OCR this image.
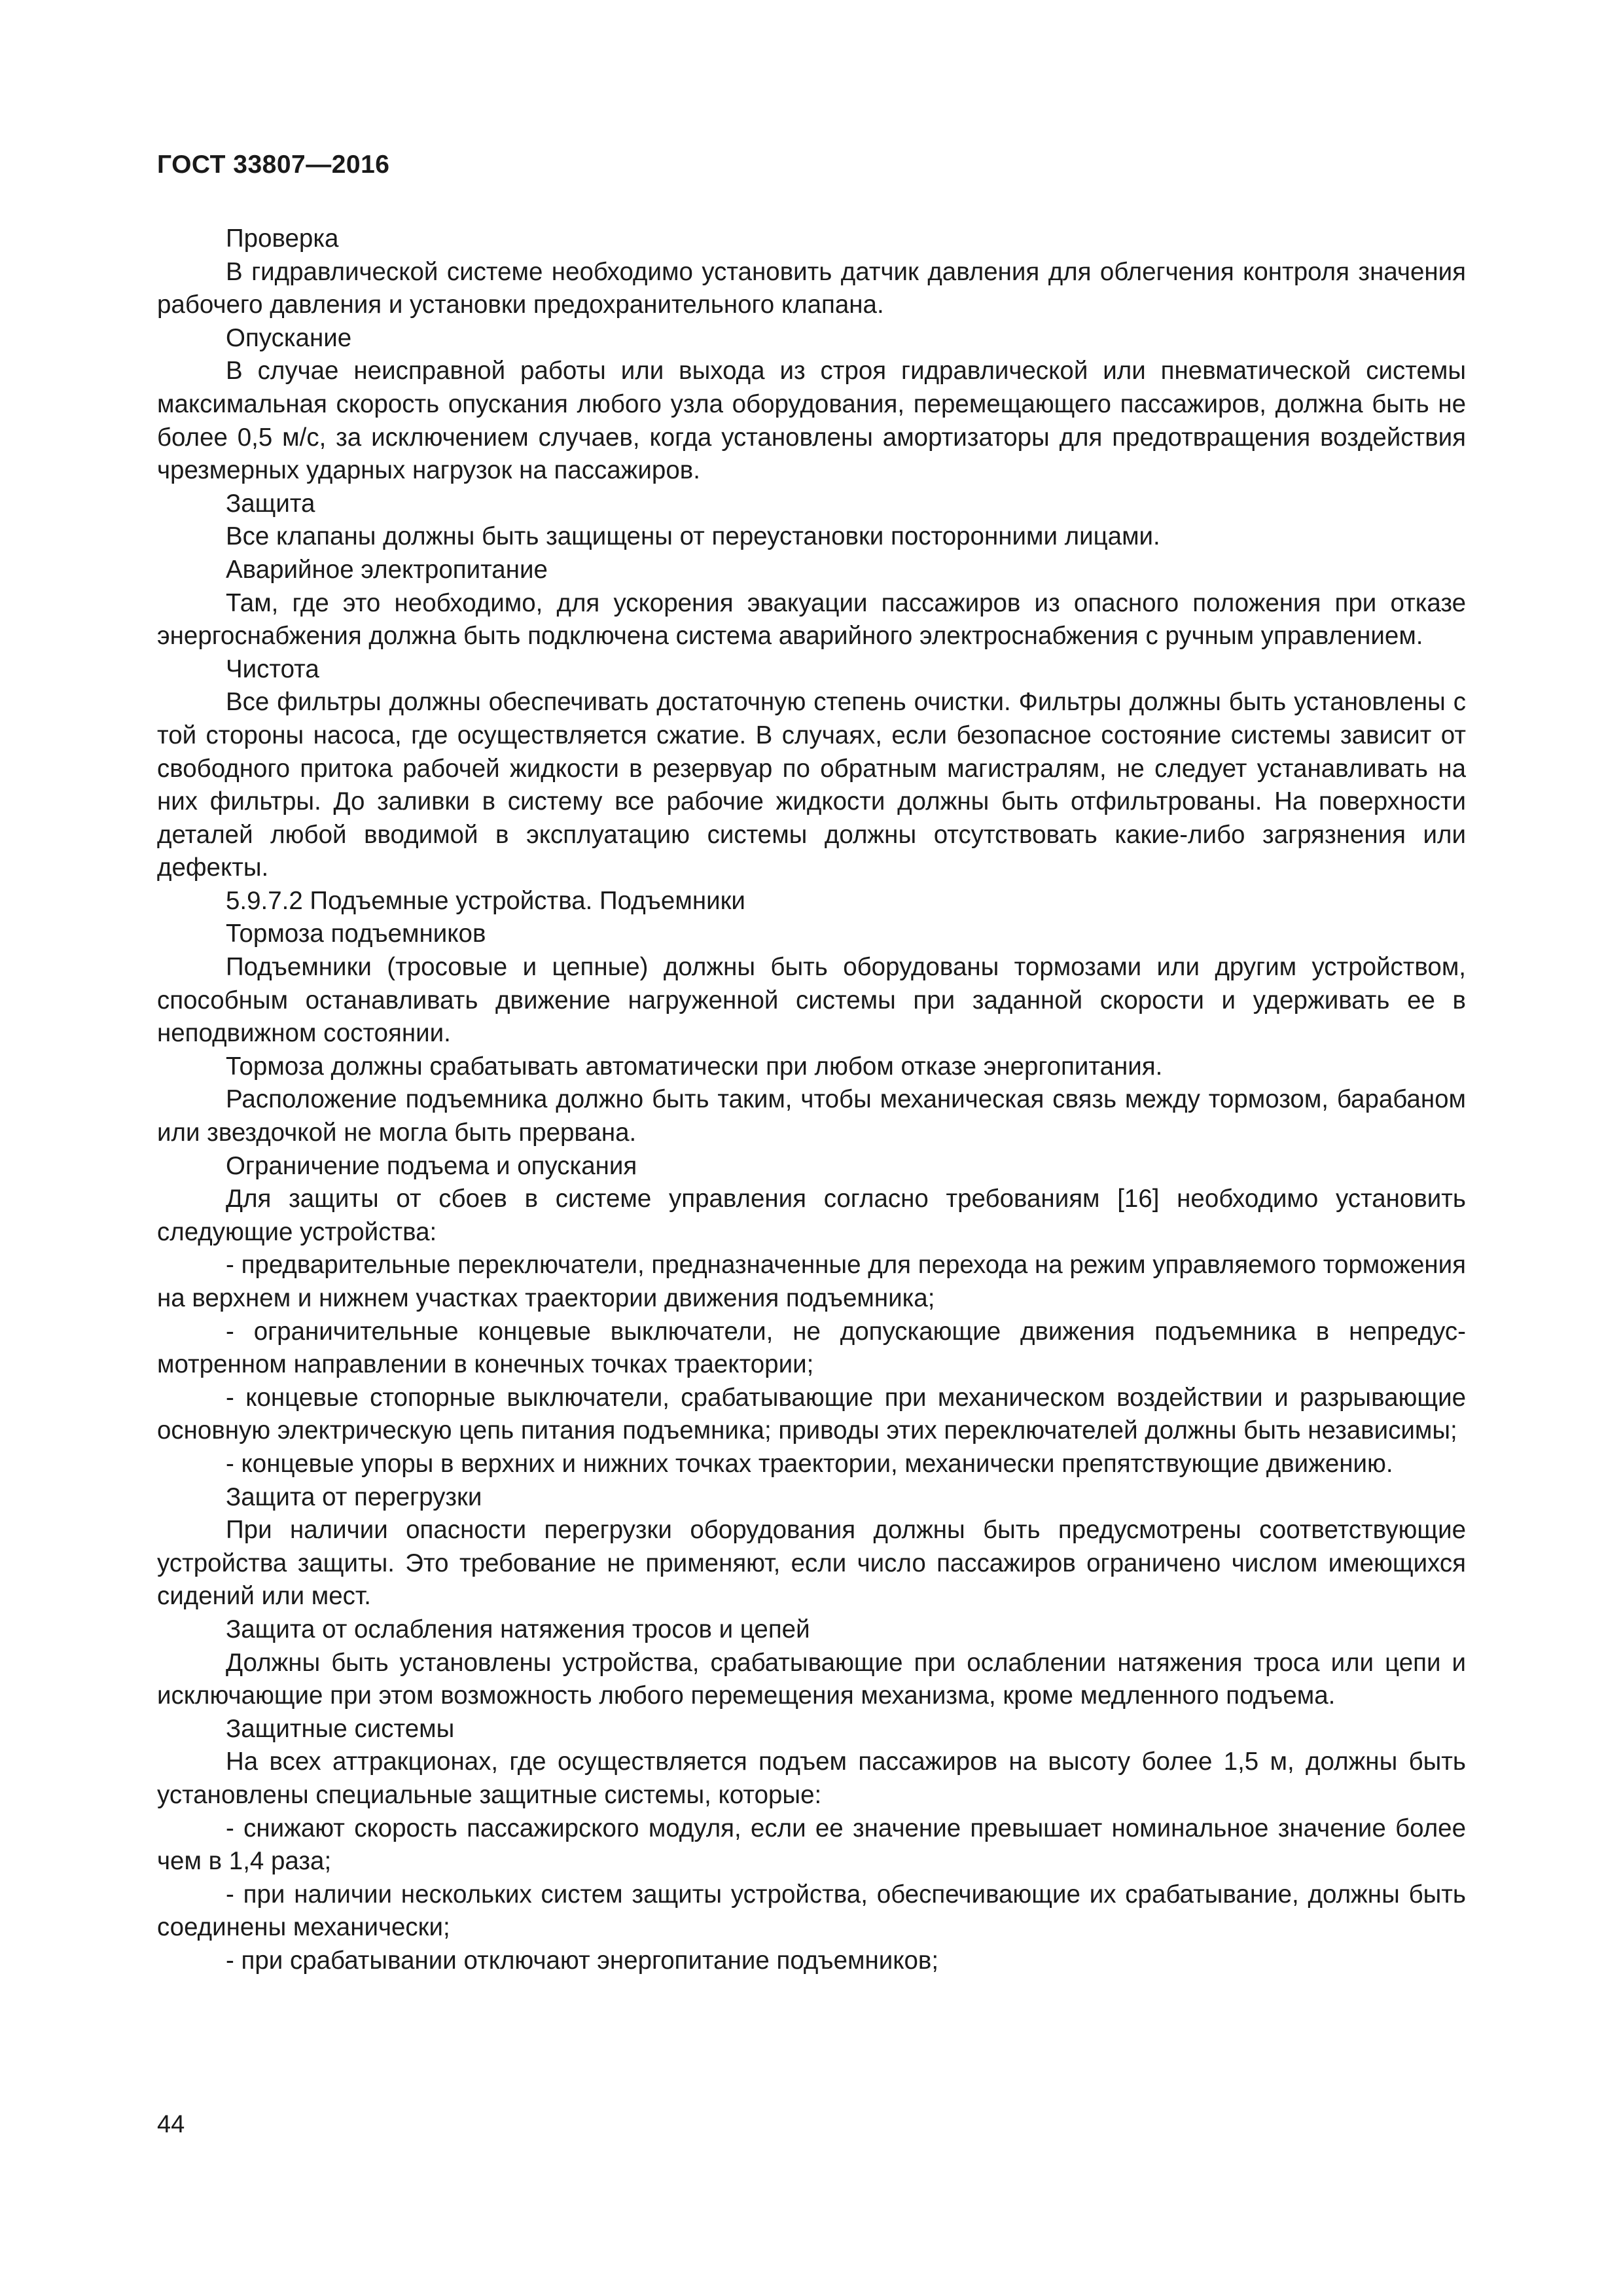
ГОСТ 33807—2016

Проверка

В гидравлической системе необходимо установить датчик давления для облегчения контроля значения рабочего давления и установки предохранительного клапана.

Опускание

В случае неисправной работы или выхода из строя гидравлической или пневматической системы максимальная скорость опускания любого узла оборудования, перемещающего пассажиров, должна быть не более 0,5 м/с, за исключением случаев, когда установлены амортизаторы для предотвращения воздействия чрезмерных ударных нагрузок на пассажиров.

Защита

Все клапаны должны быть защищены от переустановки посторонними лицами.

Аварийное электропитание

Там, где это необходимо, для ускорения эвакуации пассажиров из опасного положения при отказе энергоснабжения должна быть подключена система аварийного электроснабжения с ручным управлением.

Чистота

Все фильтры должны обеспечивать достаточную степень очистки. Фильтры должны быть установлены с той стороны насоса, где осуществляется сжатие. В случаях, если безопасное состояние системы зависит от свободного притока рабочей жидкости в резервуар по обратным магистралям, не следует устанавливать на них фильтры. До заливки в систему все рабочие жидкости должны быть отфильтрованы. На поверхности деталей любой вводимой в эксплуатацию системы должны отсутствовать какие-либо загрязнения или дефекты.

5.9.7.2 Подъемные устройства. Подъемники

Тормоза подъемников

Подъемники (тросовые и цепные) должны быть оборудованы тормозами или другим устройством, способным останавливать движение нагруженной системы при заданной скорости и удерживать ее в неподвижном состоянии.

Тормоза должны срабатывать автоматически при любом отказе энергопитания.

Расположение подъемника должно быть таким, чтобы механическая связь между тормозом, барабаном или звездочкой не могла быть прервана.

Ограничение подъема и опускания

Для защиты от сбоев в системе управления согласно требованиям [16] необходимо установить следующие устройства:

- предварительные переключатели, предназначенные для перехода на режим управляемого торможения на верхнем и нижнем участках траектории движения подъемника;

- ограничительные концевые выключатели, не допускающие движения подъемника в непредусмотренном направлении в конечных точках траектории;

- концевые стопорные выключатели, срабатывающие при механическом воздействии и разрывающие основную электрическую цепь питания подъемника; приводы этих переключателей должны быть независимы;

- концевые упоры в верхних и нижних точках траектории, механически препятствующие движению.

Защита от перегрузки

При наличии опасности перегрузки оборудования должны быть предусмотрены соответствующие устройства защиты. Это требование не применяют, если число пассажиров ограничено числом имеющихся сидений или мест.

Защита от ослабления натяжения тросов и цепей

Должны быть установлены устройства, срабатывающие при ослаблении натяжения троса или цепи и исключающие при этом возможность любого перемещения механизма, кроме медленного подъема.

Защитные системы

На всех аттракционах, где осуществляется подъем пассажиров на высоту более 1,5 м, должны быть установлены специальные защитные системы, которые:

- снижают скорость пассажирского модуля, если ее значение превышает номинальное значение более чем в 1,4 раза;

- при наличии нескольких систем защиты устройства, обеспечивающие их срабатывание, должны быть соединены механически;

- при срабатывании отключают энергопитание подъемников;

44
